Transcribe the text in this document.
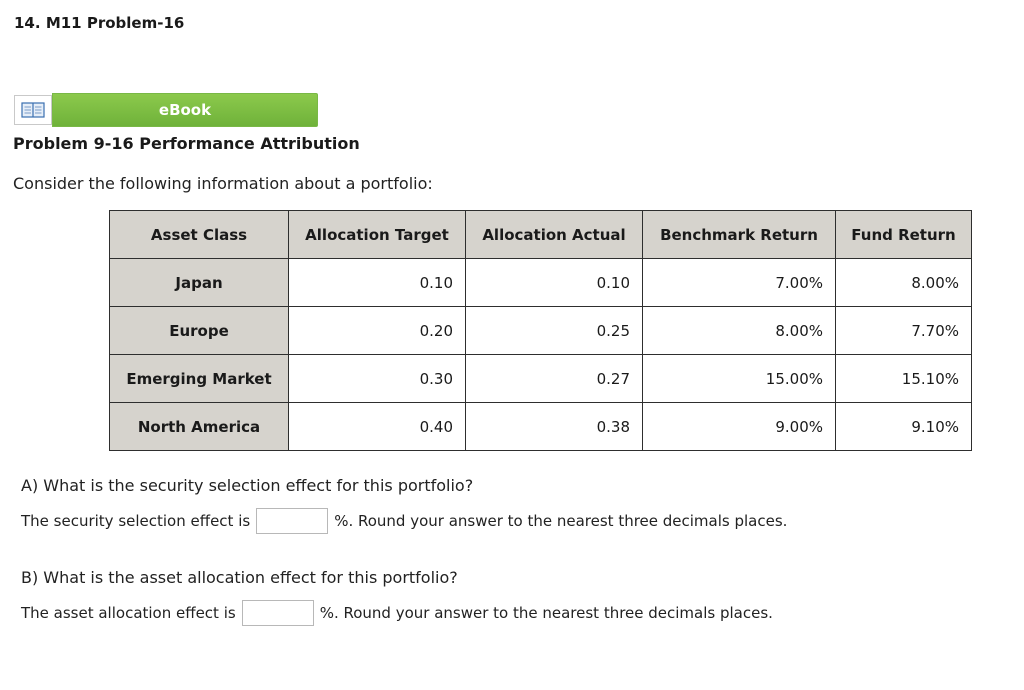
14. M11 Problem-16
eBook
Problem 9-16 Performance Attribution
Consider the following information about a portfolio:
Asset Class	Allocation Target	Allocation Actual	Benchmark Return	Fund Return
Japan	0.10	0.10	7.00%	8.00%
Europe	0.20	0.25	8.00%	7.70%
Emerging Market	0.30	0.27	15.00%	15.10%
North America	0.40	0.38	9.00%	9.10%
A) What is the security selection effect for this portfolio?
The security selection effect is	%. Round your answer to the nearest three decimals places.
B) What is the asset allocation effect for this portfolio?
The asset allocation effect is	%. Round your answer to the nearest three decimals places.
